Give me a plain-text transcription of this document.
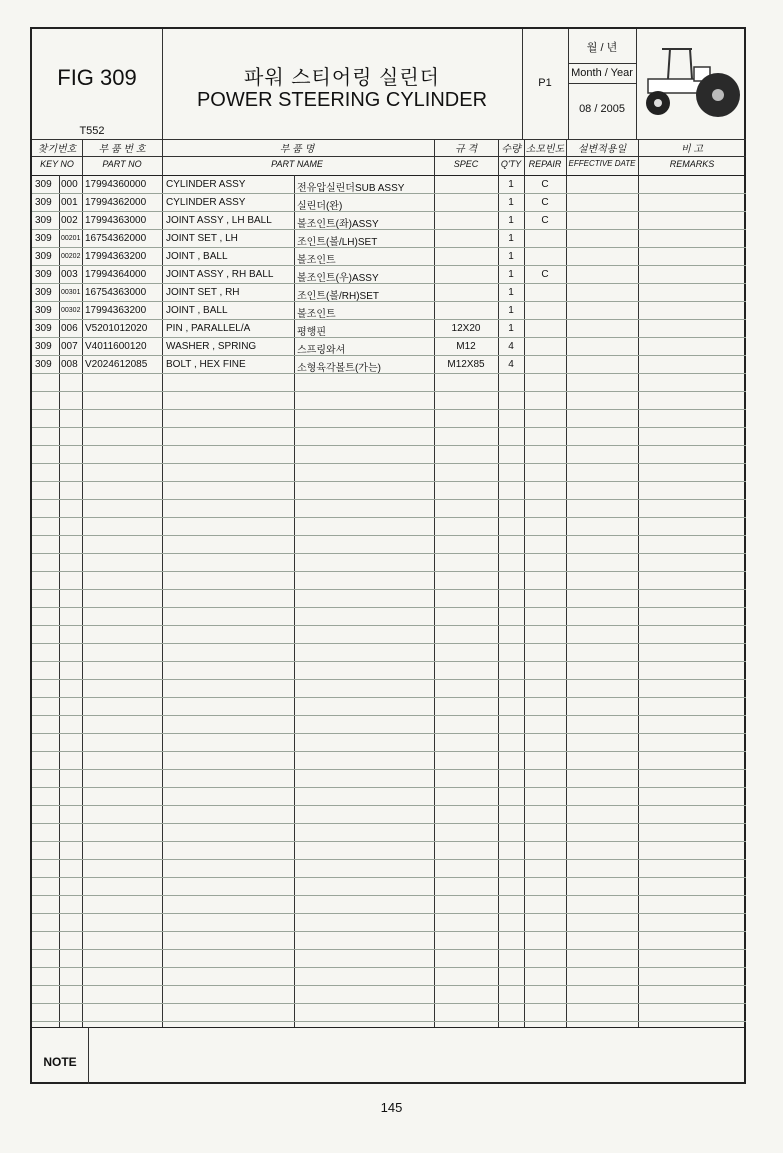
FIG 309
T552
파워 스티어링 실린더
POWER STEERING CYLINDER
P1
월 / 년
Month / Year
08 / 2005
찾기번호
KEY NO
부 품 번 호
PART NO
부 품 명
PART NAME
규 격
SPEC
수량
Q'TY
소모빈도
REPAIR
설변적용일
EFFECTIVE DATE
비 고
REMARKS
NOTE
309 000 17994360000 CYLINDER ASSY	전유압실린더SUB ASSY	1	C
309 001 17994362000 CYLINDER ASSY	실린더(완)	1	C
309 002 17994363000 JOINT ASSY , LH BALL	볼조인트(좌)ASSY	1	C
309 00201 16754362000 JOINT SET , LH	조인트(볼/LH)SET	1
309 00202 17994363200 JOINT , BALL	볼조인트	1
309 003 17994364000 JOINT ASSY , RH BALL 볼조인트(우)ASSY	1	C
309 00301 16754363000 JOINT SET , RH	조인트(볼/RH)SET	1
309 00302 17994363200 JOINT , BALL	볼조인트	1
309 006 V5201012020 PIN , PARALLEL/A	평행핀	12X20	1
309 007 V4011600120 WASHER , SPRING	스프링와셔	M12	4
309 008 V2024612085 BOLT , HEX FINE	소형육각볼트(가는)	M12X85	4
145
